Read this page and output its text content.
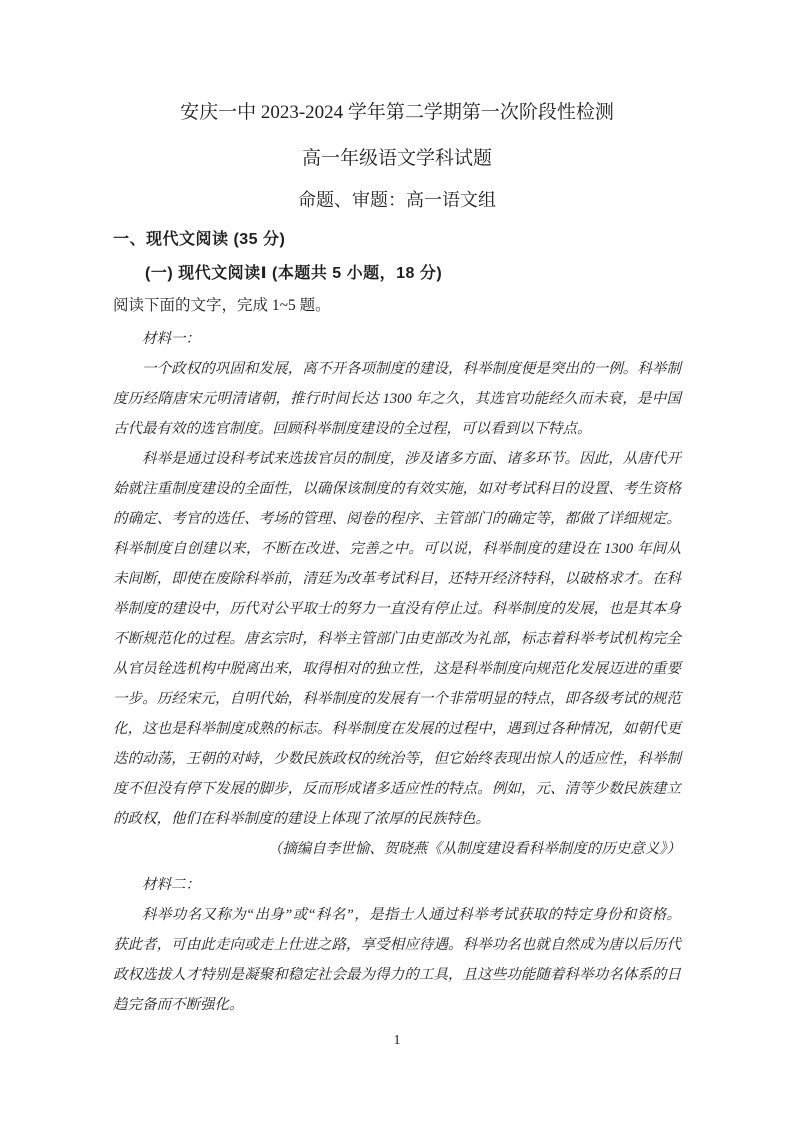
安庆一中 2023-2024 学年第二学期第一次阶段性检测
高一年级语文学科试题
命题、审题：高一语文组

一、现代文阅读 (35 分)

(一) 现代文阅读Ⅰ (本题共 5 小题，18 分)

阅读下面的文字，完成 1~5 题。

材料一：

一个政权的巩固和发展，离不开各项制度的建设，科举制度便是突出的一例。科举制度历经隋唐宋元明清诸朝，推行时间长达 1300 年之久，其选官功能经久而未衰，是中国古代最有效的选官制度。回顾科举制度建设的全过程，可以看到以下特点。

科举是通过设科考试来选拔官员的制度，涉及诸多方面、诸多环节。因此，从唐代开始就注重制度建设的全面性，以确保该制度的有效实施，如对考试科目的设置、考生资格的确定、考官的选任、考场的管理、阅卷的程序、主管部门的确定等，都做了详细规定。科举制度自创建以来，不断在改进、完善之中。可以说，科举制度的建设在 1300 年间从未间断，即使在废除科举前，清廷为改革考试科目，还特开经济特科，以破格求才。在科举制度的建设中，历代对公平取士的努力一直没有停止过。科举制度的发展，也是其本身不断规范化的过程。唐玄宗时，科举主管部门由吏部改为礼部，标志着科举考试机构完全从官员铨选机构中脱离出来，取得相对的独立性，这是科举制度向规范化发展迈进的重要一步。历经宋元，自明代始，科举制度的发展有一个非常明显的特点，即各级考试的规范化，这也是科举制度成熟的标志。科举制度在发展的过程中，遇到过各种情况，如朝代更迭的动荡，王朝的对峙，少数民族政权的统治等，但它始终表现出惊人的适应性，科举制度不但没有停下发展的脚步，反而形成诸多适应性的特点。例如，元、清等少数民族建立的政权，他们在科举制度的建设上体现了浓厚的民族特色。

（摘编自李世愉、贺晓燕《从制度建设看科举制度的历史意义》）

材料二：

科举功名又称为“出身”或“科名”，是指士人通过科举考试获取的特定身份和资格。获此者，可由此走向或走上仕进之路，享受相应待遇。科举功名也就自然成为唐以后历代政权选拔人才特别是凝聚和稳定社会最为得力的工具，且这些功能随着科举功名体系的日趋完备而不断强化。

1
